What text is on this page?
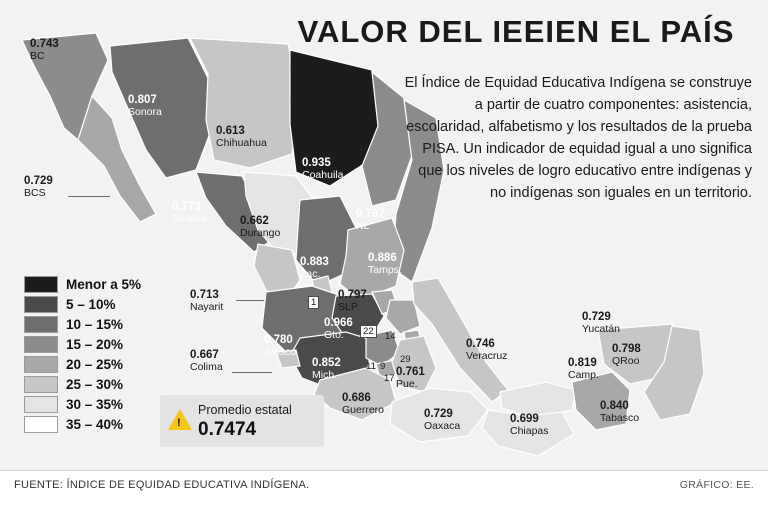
VALOR DEL IEEIEN EL PAÍS
El Índice de Equidad Educativa Indígena se construye a partir de cuatro componentes: asistencia, escolaridad, alfabetismo y los resultados de la prueba PISA. Un indicador de equidad igual a uno significa que los niveles de logro educativo entre indígenas y no indígenas son iguales en un territorio.
0.743
BC
0.807
Sonora
0.613
Chihuahua
0.935
Coahuila
0.729
BCS
0.773
Sinaloa	0.662
Durango
0.797
NL
0.883
Zac.
0.886
Tamps.
0.713
Nayarit
0.797
SLP
0.966
Gto.
0.780
Jalisco
0.667
Colima	0.852
Mich.	0.761
Pue.
0.746
Veracruz
0.729
Yucatán
0.798
QRoo
0.819
Camp.
0.686
Guerrero	0.729
Oaxaca
0.699
Chiapas
0.840
Tabasco
1
22	14
11 9
17
29
Menor a 5%
5 – 10%
10 – 15%
15 – 20%
20 – 25%
25 – 30%
30 – 35%
35 – 40%	!
Promedio estatal
0.7474
FUENTE: ÍNDICE DE EQUIDAD EDUCATIVA INDÍGENA.	GRÁFICO: EE.
